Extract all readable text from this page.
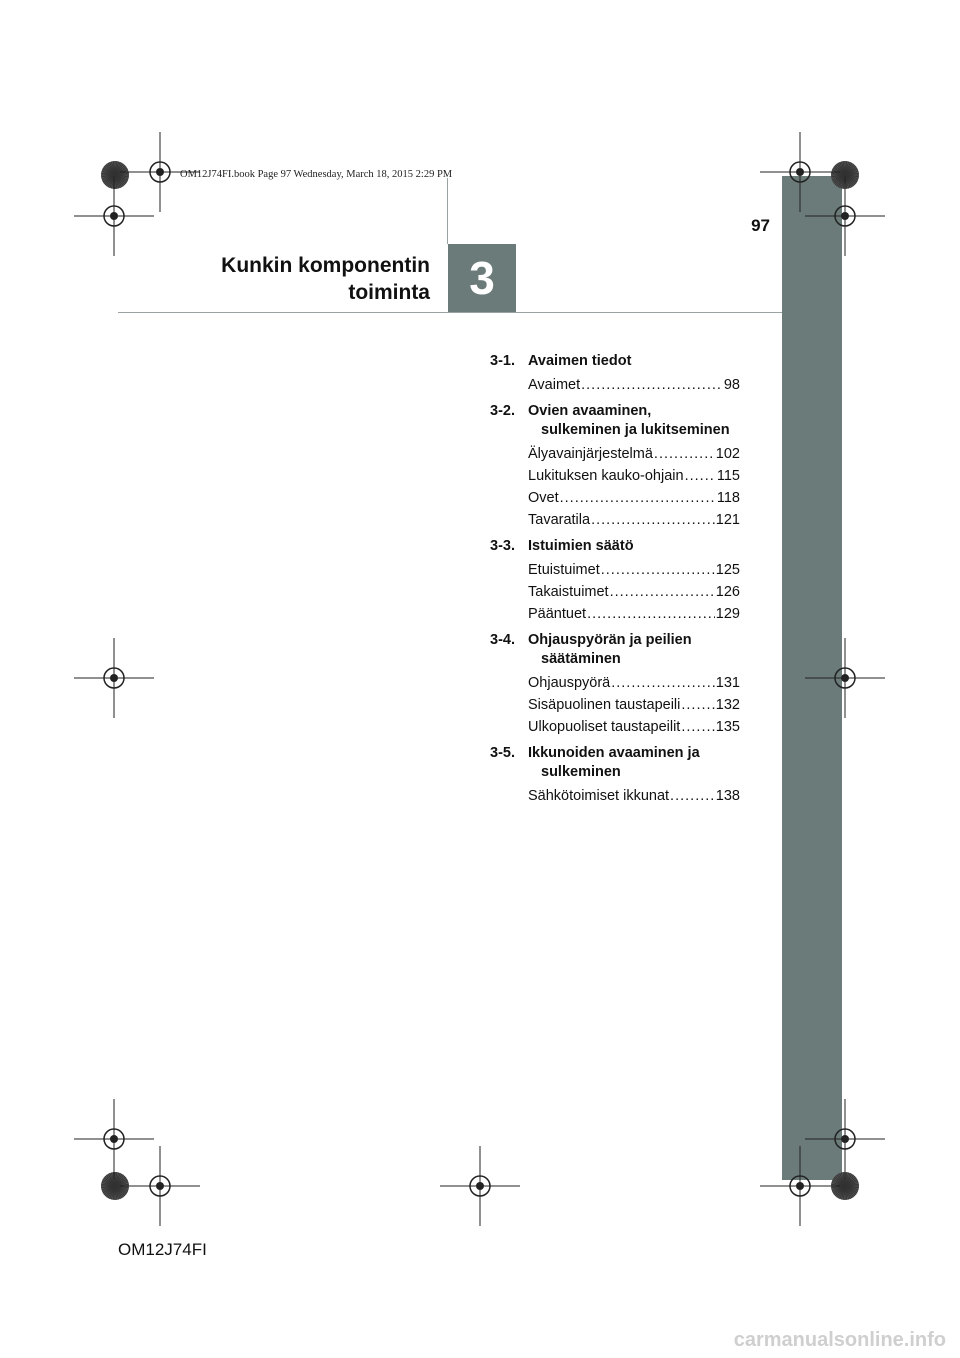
3
Kunkin komponentin
toiminta
97
OM12J74FI.book Page 97 Wednesday, March 18, 2015 2:29 PM
3-1. Avaimen tiedot
Avaimet .....	98
3-2. Ovien avaaminen,
sulkeminen ja lukitseminen
Älyavainjärjestelmä .....	102
Lukituksen kauko-ohjain ..... 115
Ovet .....	118
Tavaratila .....	121
3-3. Istuimien säätö
Etuistuimet .....	125
Takaistuimet .....	126
Pääntuet .....	129
3-4. Ohjauspyörän ja peilien
säätäminen
Ohjauspyörä .....	131
Sisäpuolinen taustapeili ..... 132
Ulkopuoliset taustapeilit ..... 135
3-5. Ikkunoiden avaaminen ja
sulkeminen
Sähkötoimiset ikkunat .....	138
OM12J74FI
carmanualsonline.info
